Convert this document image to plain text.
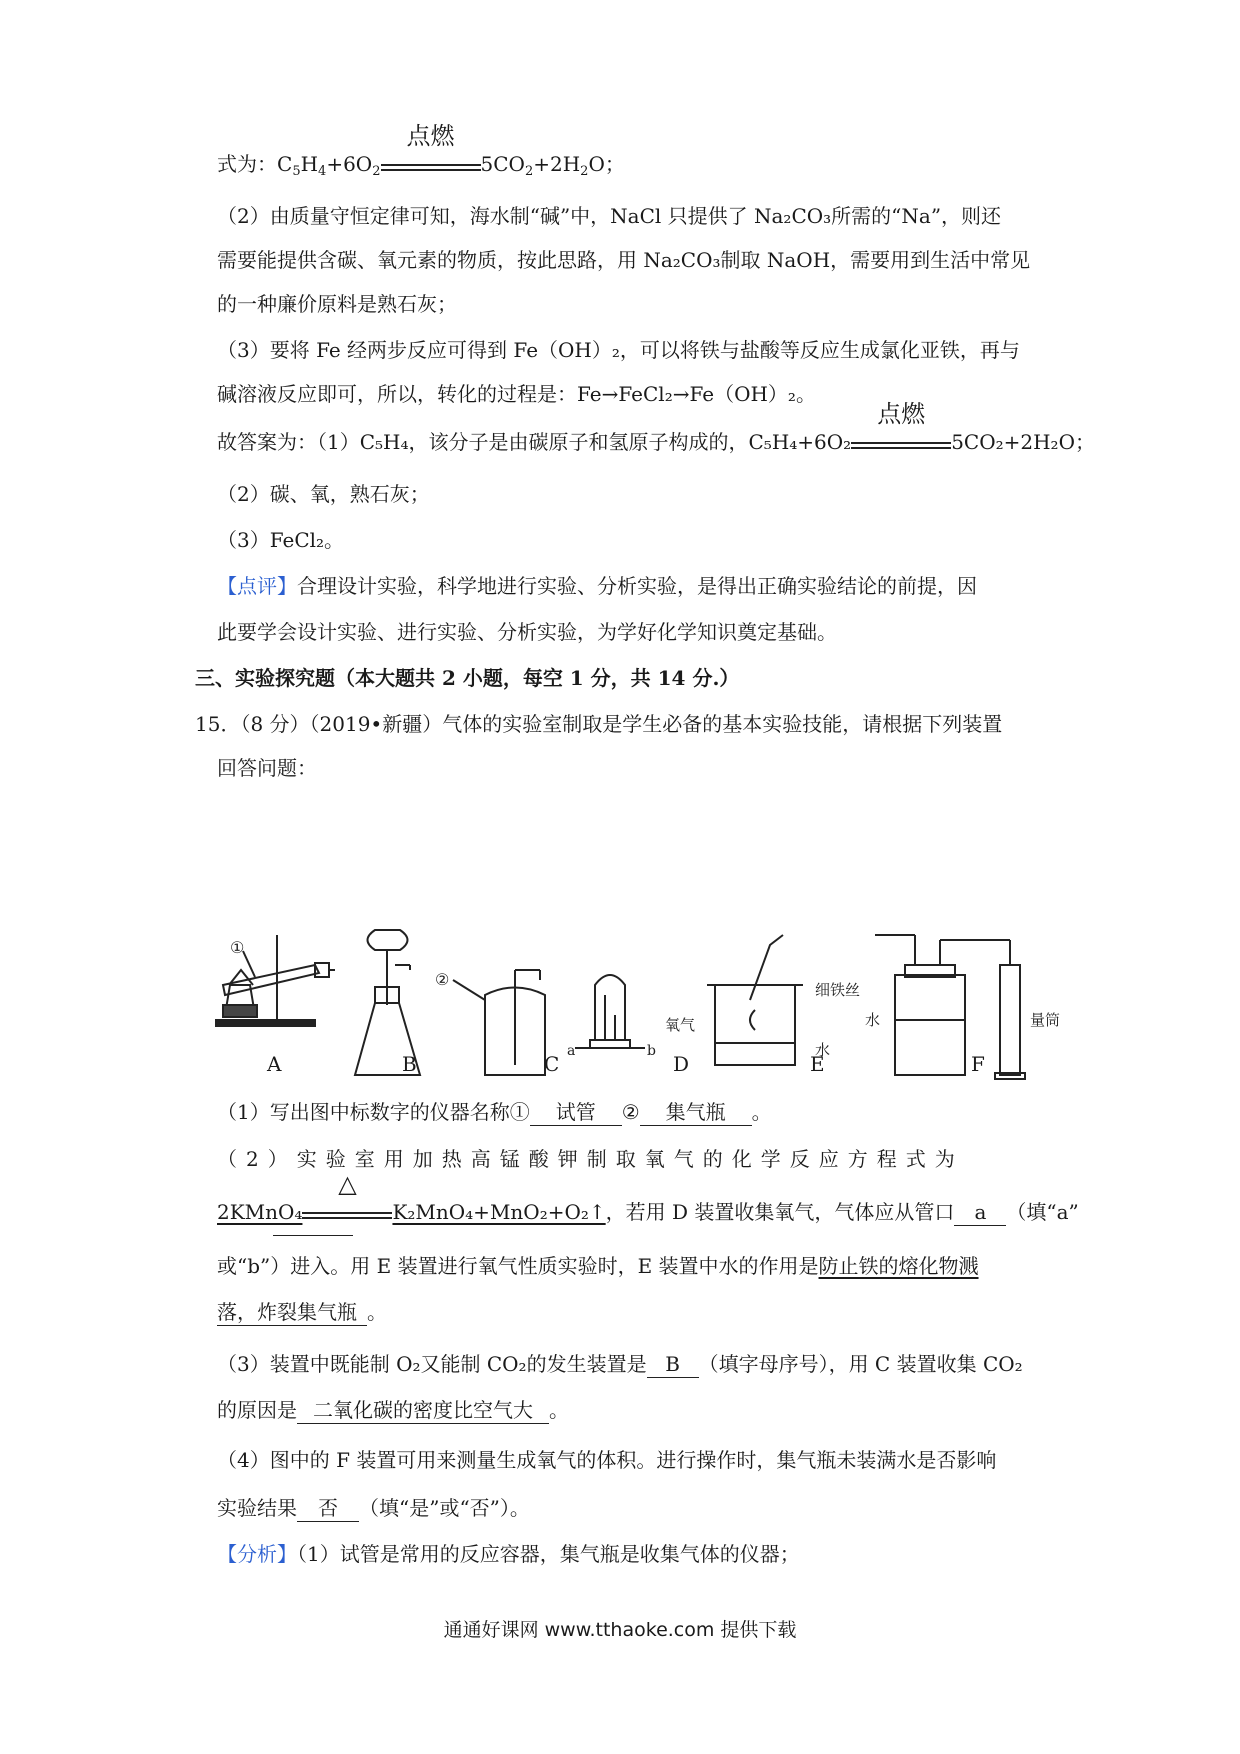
式为：$C_5H_4+6O_2$
点燃
$5CO_2+2H_2O$；
（2）由质量守恒定律可知，海水制“碱”中，NaCl 只提供了 Na₂CO₃所需的“Na”，则还
需要能提供含碳、氧元素的物质，按此思路，用 Na₂CO₃制取 NaOH，需要用到生活中常见
的一种廉价原料是熟石灰；
（3）要将 Fe 经两步反应可得到 Fe（OH）₂，可以将铁与盐酸等反应生成氯化亚铁，再与
碱溶液反应即可，所以，转化的过程是：Fe→FeCl₂→Fe（OH）₂。
故答案为：（1）C₅H₄，该分子是由碳原子和氢原子构成的，C₅H₄+6O₂
点燃
5CO₂+2H₂O；
（2）碳、氧，熟石灰；
（3）FeCl₂。
【点评】合理设计实验，科学地进行实验、分析实验，是得出正确实验结论的前提，因
此要学会设计实验、进行实验、分析实验，为学好化学知识奠定基础。
三、实验探究题（本大题共 2 小题，每空 1 分，共 14 分.）
15．（8 分）（2019•新疆）气体的实验室制取是学生必备的基本实验技能，请根据下列装置
回答问题：
①
②
a	b
氧气
细铁丝
水
水	量筒
A	B	C	D	E	F
（1）写出图中标数字的仪器名称① 试管 ② 集气瓶 。
（2）实验室用加热高锰酸钾制取氧气的化学反应方程式为
2KMnO₄
△
K₂MnO₄+MnO₂+O₂↑，若用 D 装置收集氧气，气体应从管口 a （填“a”
或“b”）进入。用 E 装置进行氧气性质实验时，E 装置中水的作用是防止铁的熔化物溅
落，炸裂集气瓶 。
（3）装置中既能制 O₂又能制 CO₂的发生装置是 B （填字母序号），用 C 装置收集 CO₂
的原因是 二氧化碳的密度比空气大 。
（4）图中的 F 装置可用来测量生成氧气的体积。进行操作时，集气瓶未装满水是否影响
实验结果 否 （填“是”或“否”）。
【分析】（1）试管是常用的反应容器，集气瓶是收集气体的仪器；
通通好课网 www.tthaoke.com 提供下载
